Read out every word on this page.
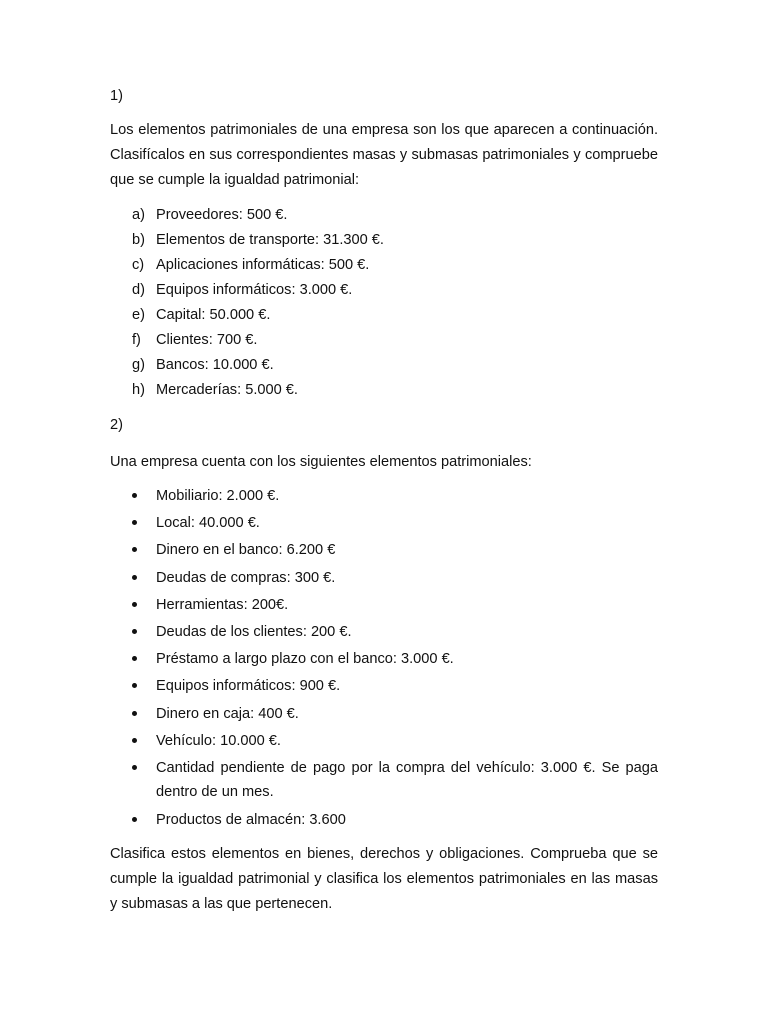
1)

Los elementos patrimoniales de una empresa son los que aparecen a continuación. Clasifícalos en sus correspondientes masas y submasas patrimoniales y compruebe que se cumple la igualdad patrimonial:

a) Proveedores: 500 €.
b) Elementos de transporte: 31.300 €.
c) Aplicaciones informáticas: 500 €.
d) Equipos informáticos: 3.000 €.
e) Capital: 50.000 €.
f) Clientes: 700 €.
g) Bancos: 10.000 €.
h) Mercaderías: 5.000 €.

2)

Una empresa cuenta con los siguientes elementos patrimoniales:

Mobiliario: 2.000 €.
Local: 40.000 €.
Dinero en el banco: 6.200 €
Deudas de compras: 300 €.
Herramientas: 200€.
Deudas de los clientes: 200 €.
Préstamo a largo plazo con el banco: 3.000 €.
Equipos informáticos: 900 €.
Dinero en caja: 400 €.
Vehículo: 10.000 €.
Cantidad pendiente de pago por la compra del vehículo: 3.000 €. Se paga dentro de un mes.
Productos de almacén: 3.600

Clasifica estos elementos en bienes, derechos y obligaciones. Comprueba que se cumple la igualdad patrimonial y clasifica los elementos patrimoniales en las masas y submasas a las que pertenecen.
